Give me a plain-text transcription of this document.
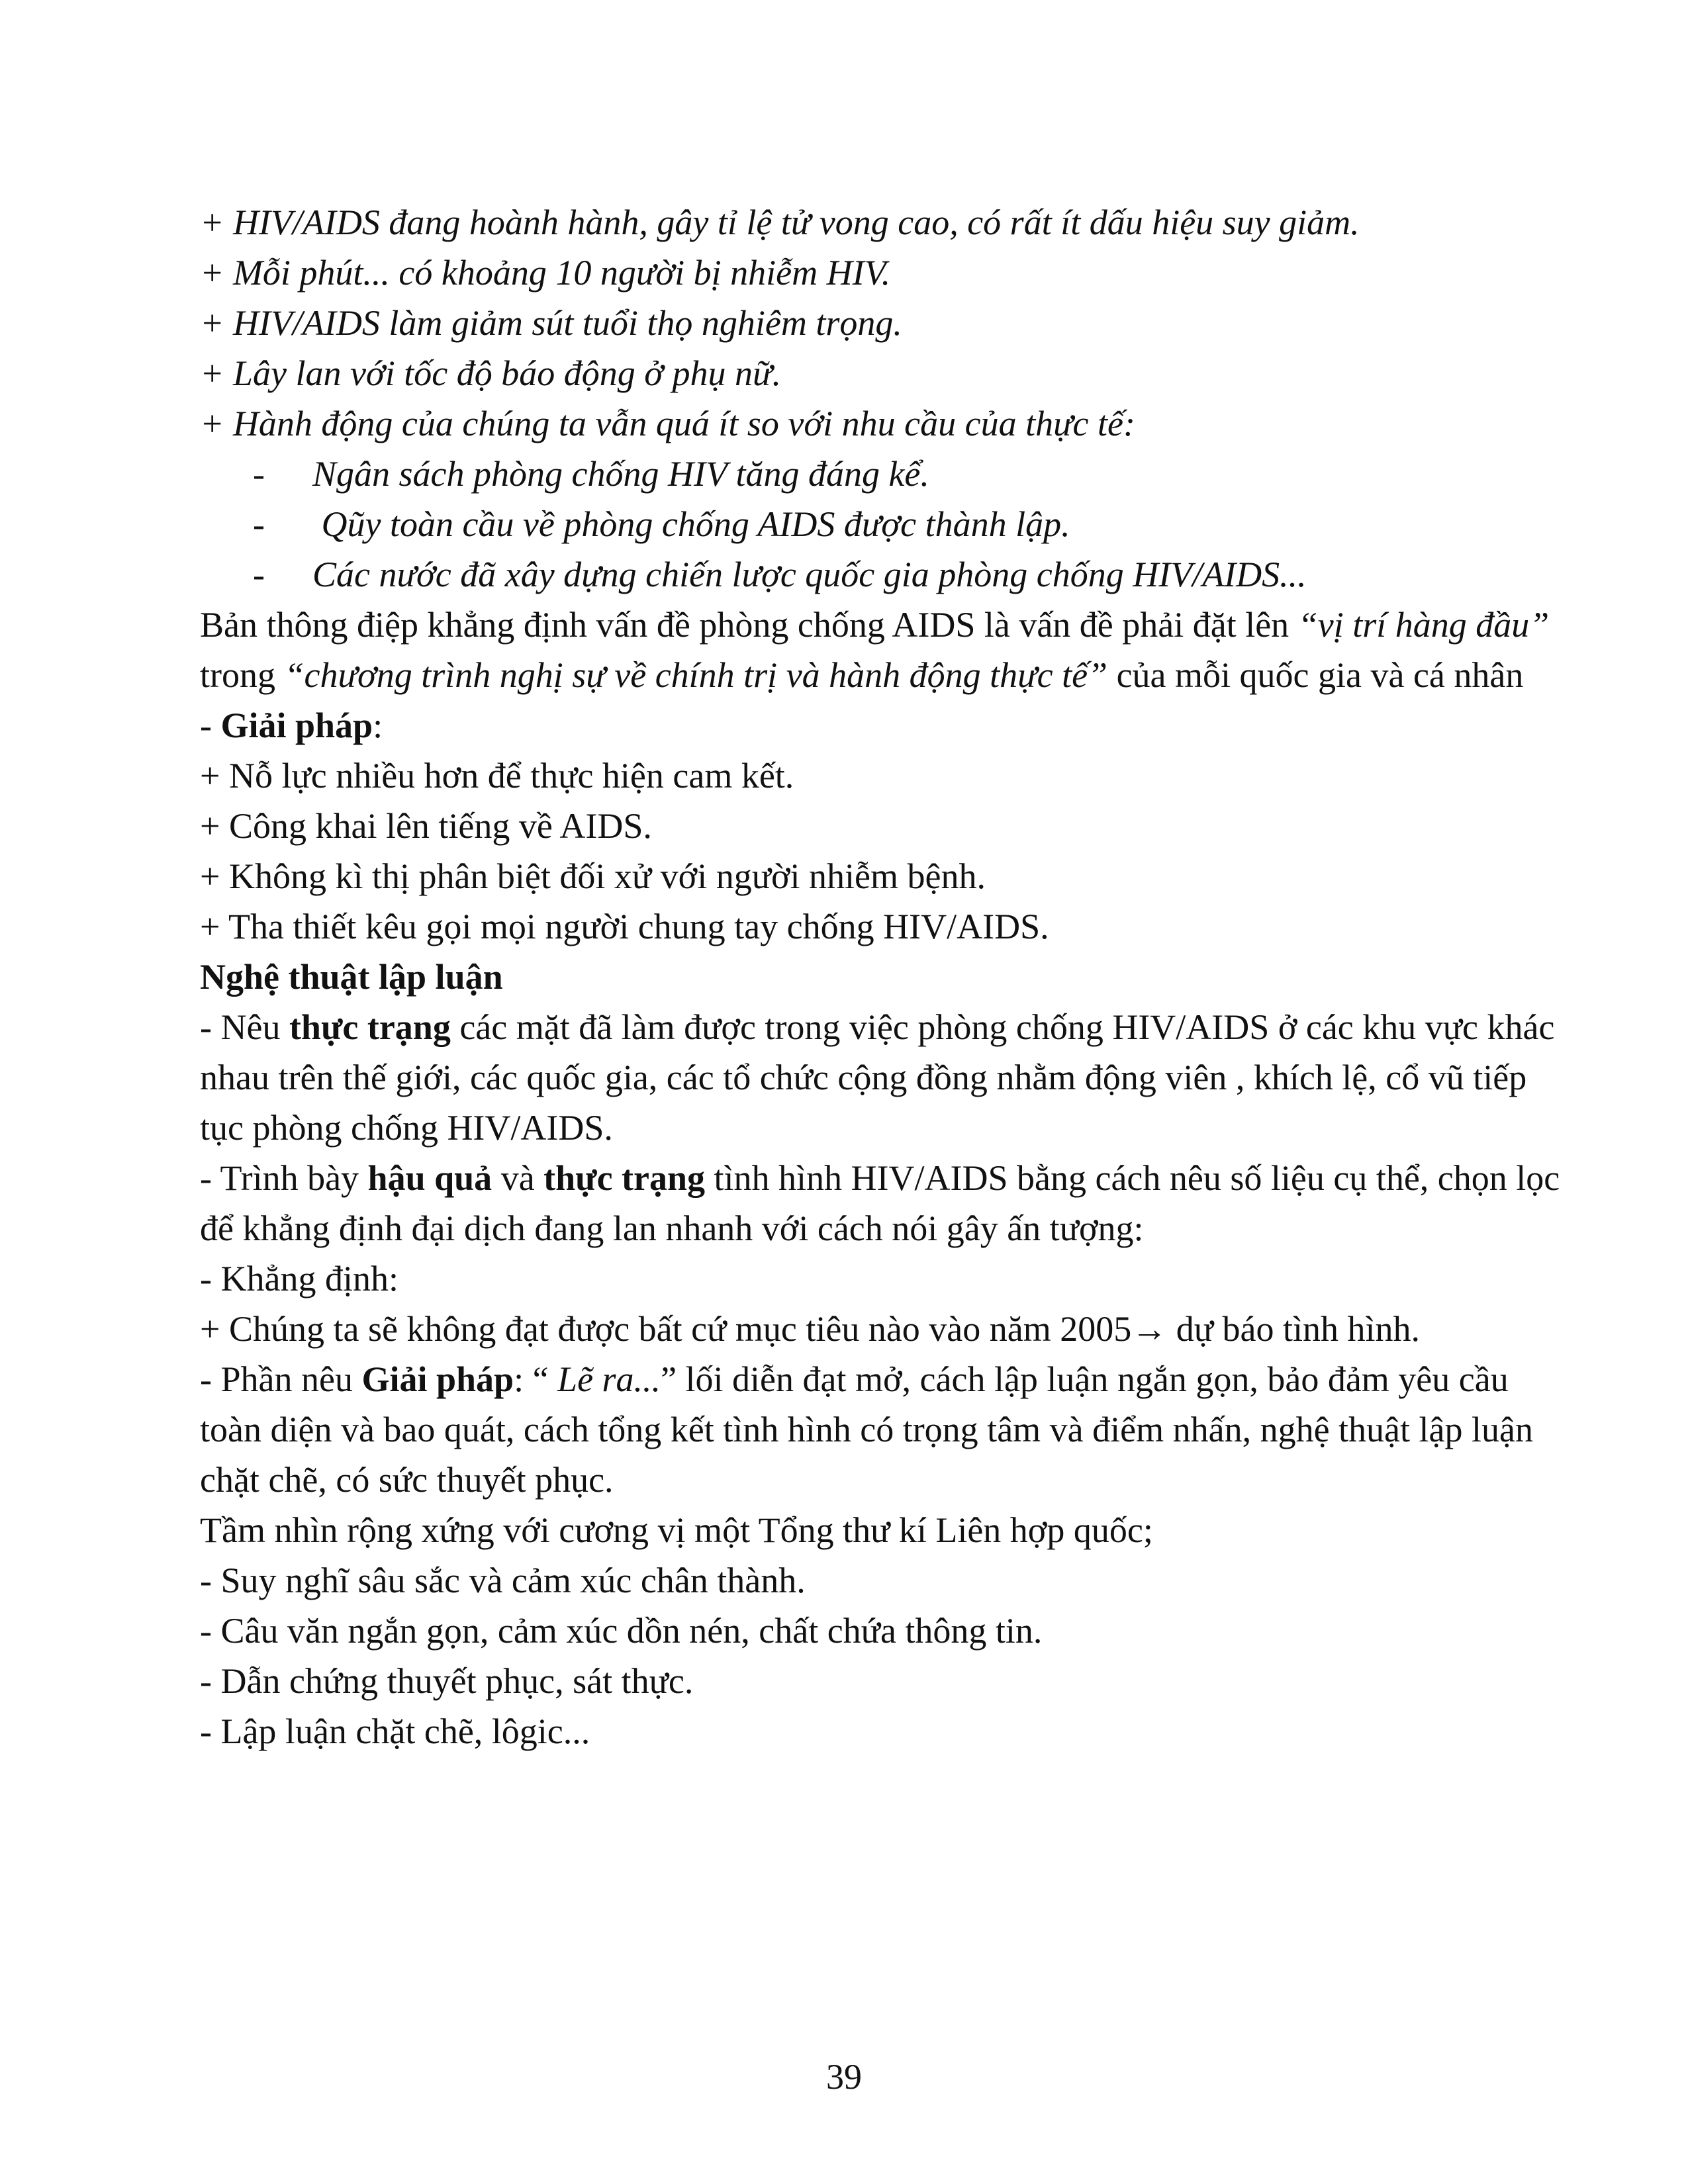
+ HIV/AIDS đang hoành hành, gây tỉ lệ tử vong cao, có rất ít dấu hiệu suy giảm.

+ Mỗi phút... có khoảng 10 người bị nhiễm HIV.

+ HIV/AIDS làm giảm sút tuổi thọ nghiêm trọng.

+ Lây lan với tốc độ báo động ở phụ nữ.

+ Hành động của chúng ta vẫn quá ít so với nhu cầu của thực tế:

-	Ngân sách phòng chống HIV tăng đáng kể.
-	Qũy toàn cầu về phòng chống AIDS được thành lập.
-	Các nước đã xây dựng chiến lược quốc gia phòng chống HIV/AIDS...

Bản thông điệp khẳng định vấn đề phòng chống AIDS là vấn đề phải đặt lên “vị trí hàng đầu” trong “chương trình nghị sự về chính trị và hành động thực tế” của mỗi quốc gia và cá nhân

- Giải pháp:

+ Nỗ lực nhiều hơn để thực hiện cam kết.

+ Công khai lên tiếng về AIDS.

+ Không kì thị phân biệt đối xử với người nhiễm bệnh.

+ Tha thiết kêu gọi mọi người chung tay chống HIV/AIDS.

Nghệ thuật lập luận

- Nêu thực trạng các mặt đã làm được trong việc phòng chống HIV/AIDS ở các khu vực khác nhau trên thế giới, các quốc gia, các tổ chức cộng đồng nhằm động viên , khích lệ, cổ vũ tiếp tục phòng chống HIV/AIDS.

- Trình bày hậu quả và thực trạng tình hình HIV/AIDS bằng cách nêu số liệu cụ thể, chọn lọc để khẳng định đại dịch đang lan nhanh với cách nói gây ấn tượng:

- Khẳng định:

+ Chúng ta sẽ không đạt được bất cứ mục tiêu nào vào năm 2005→ dự báo tình hình.

- Phần nêu Giải pháp: “ Lẽ ra...” lối diễn đạt mở, cách lập luận ngắn gọn, bảo đảm yêu cầu toàn diện và bao quát, cách tổng kết tình hình có trọng tâm và điểm nhấn, nghệ thuật lập luận chặt chẽ, có sức thuyết phục.

Tầm nhìn rộng xứng với cương vị một Tổng thư kí Liên hợp quốc;

- Suy nghĩ sâu sắc và cảm xúc chân thành.

- Câu văn ngắn gọn, cảm xúc dồn nén, chất chứa thông tin.

- Dẫn chứng thuyết phục, sát thực.

- Lập luận chặt chẽ, lôgic...

39
